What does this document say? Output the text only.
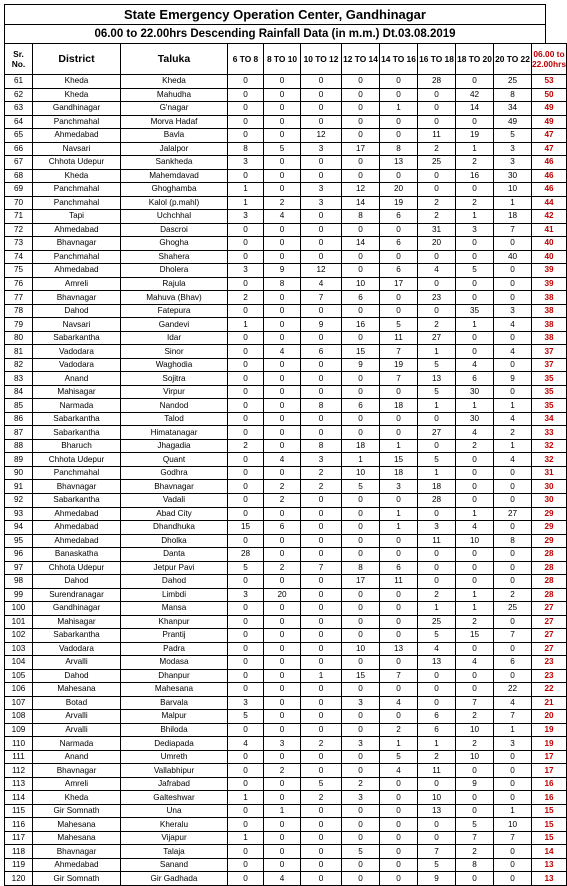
State Emergency Operation Center, Gandhinagar
06.00 to 22.00hrs Descending Rainfall Data (in m.m.) Dt.03.08.2019
Sr.
No.	District	Taluka	6 TO 8	8 TO 10	10 TO 12	12 TO 14	14 TO 16	16 TO 18	18 TO 20	20 TO 22	06.00 to
22.00hrs
61	Kheda	Kheda	0	0	0	0	0	28	0	25	53
62	Kheda	Mahudha	0	0	0	0	0	0	42	8	50
63	Gandhinagar	G'nagar	0	0	0	0	1	0	14	34	49
64	Panchmahal	Morva Hadaf	0	0	0	0	0	0	0	49	49
65	Ahmedabad	Bavla	0	0	12	0	0	11	19	5	47
66	Navsari	Jalalpor	8	5	3	17	8	2	1	3	47
67	Chhota Udepur	Sankheda	3	0	0	0	13	25	2	3	46
68	Kheda	Mahemdavad	0	0	0	0	0	0	16	30	46
69	Panchmahal	Ghoghamba	1	0	3	12	20	0	0	10	46
70	Panchmahal	Kalol (p.mahl)	1	2	3	14	19	2	2	1	44
71	Tapi	Uchchhal	3	4	0	8	6	2	1	18	42
72	Ahmedabad	Dascroi	0	0	0	0	0	31	3	7	41
73	Bhavnagar	Ghogha	0	0	0	14	6	20	0	0	40
74	Panchmahal	Shahera	0	0	0	0	0	0	0	40	40
75	Ahmedabad	Dholera	3	9	12	0	6	4	5	0	39
76	Amreli	Rajula	0	8	4	10	17	0	0	0	39
77	Bhavnagar	Mahuva (Bhav)	2	0	7	6	0	23	0	0	38
78	Dahod	Fatepura	0	0	0	0	0	0	35	3	38
79	Navsari	Gandevi	1	0	9	16	5	2	1	4	38
80	Sabarkantha	Idar	0	0	0	0	11	27	0	0	38
81	Vadodara	Sinor	0	4	6	15	7	1	0	4	37
82	Vadodara	Waghodia	0	0	0	9	19	5	4	0	37
83	Anand	Sojitra	0	0	0	0	7	13	6	9	35
84	Mahisagar	Virpur	0	0	0	0	0	5	30	0	35
85	Narmada	Nandod	0	0	8	6	18	1	1	1	35
86	Sabarkantha	Talod	0	0	0	0	0	0	30	4	34
87	Sabarkantha	Himatanagar	0	0	0	0	0	27	4	2	33
88	Bharuch	Jhagadia	2	0	8	18	1	0	2	1	32
89	Chhota Udepur	Quant	0	4	3	1	15	5	0	4	32
90	Panchmahal	Godhra	0	0	2	10	18	1	0	0	31
91	Bhavnagar	Bhavnagar	0	2	2	5	3	18	0	0	30
92	Sabarkantha	Vadali	0	2	0	0	0	28	0	0	30
93	Ahmedabad	Abad City	0	0	0	0	1	0	1	27	29
94	Ahmedabad	Dhandhuka	15	6	0	0	1	3	4	0	29
95	Ahmedabad	Dholka	0	0	0	0	0	11	10	8	29
96	Banaskatha	Danta	28	0	0	0	0	0	0	0	28
97	Chhota Udepur	Jetpur Pavi	5	2	7	8	6	0	0	0	28
98	Dahod	Dahod	0	0	0	17	11	0	0	0	28
99	Surendranagar	Limbdi	3	20	0	0	0	2	1	2	28
100	Gandhinagar	Mansa	0	0	0	0	0	1	1	25	27
101	Mahisagar	Khanpur	0	0	0	0	0	25	2	0	27
102	Sabarkantha	Prantij	0	0	0	0	0	5	15	7	27
103	Vadodara	Padra	0	0	0	10	13	4	0	0	27
104	Arvalli	Modasa	0	0	0	0	0	13	4	6	23
105	Dahod	Dhanpur	0	0	1	15	7	0	0	0	23
106	Mahesana	Mahesana	0	0	0	0	0	0	0	22	22
107	Botad	Barvala	3	0	0	3	4	0	7	4	21
108	Arvalli	Malpur	5	0	0	0	0	6	2	7	20
109	Arvalli	Bhiloda	0	0	0	0	2	6	10	1	19
110	Narmada	Dediapada	4	3	2	3	1	1	2	3	19
111	Anand	Umreth	0	0	0	0	5	2	10	0	17
112	Bhavnagar	Vallabhipur	0	2	0	0	4	11	0	0	17
113	Amreli	Jafrabad	0	0	5	2	0	0	9	0	16
114	Kheda	Galteshwar	1	0	2	3	0	10	0	0	16
115	Gir Somnath	Una	0	1	0	0	0	13	0	1	15
116	Mahesana	Kheralu	0	0	0	0	0	0	5	10	15
117	Mahesana	Vijapur	1	0	0	0	0	0	7	7	15
118	Bhavnagar	Talaja	0	0	0	5	0	7	2	0	14
119	Ahmedabad	Sanand	0	0	0	0	0	5	8	0	13
120	Gir Somnath	Gir Gadhada	0	4	0	0	0	9	0	0	13
